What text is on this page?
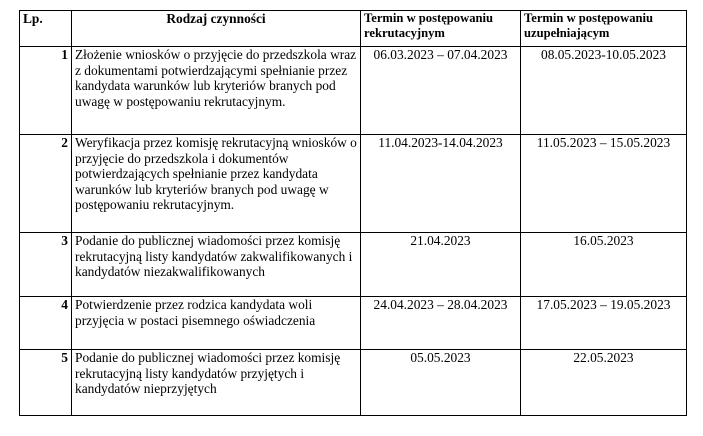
Lp.	Rodzaj czynności	Termin w postępowaniu rekrutacyjnym	Termin w postępowaniu uzupełniającym
1	Złożenie wniosków o przyjęcie do przedszkola wraz z dokumentami potwierdzającymi spełnianie przez kandydata warunków lub kryteriów branych pod uwagę w postępowaniu rekrutacyjnym.	06.03.2023 – 07.04.2023	08.05.2023-10.05.2023
2	Weryfikacja przez komisję rekrutacyjną wniosków o przyjęcie do przedszkola i dokumentów potwierdzających spełnianie przez kandydata warunków lub kryteriów branych pod uwagę w postępowaniu rekrutacyjnym.	11.04.2023-14.04.2023	11.05.2023 – 15.05.2023
3	Podanie do publicznej wiadomości przez komisję rekrutacyjną listy kandydatów zakwalifikowanych i kandydatów niezakwalifikowanych	21.04.2023	16.05.2023
4	Potwierdzenie przez rodzica kandydata woli przyjęcia w postaci pisemnego oświadczenia	24.04.2023 – 28.04.2023	17.05.2023 – 19.05.2023
5	Podanie do publicznej wiadomości przez komisję rekrutacyjną listy kandydatów przyjętych i kandydatów nieprzyjętych	05.05.2023	22.05.2023
